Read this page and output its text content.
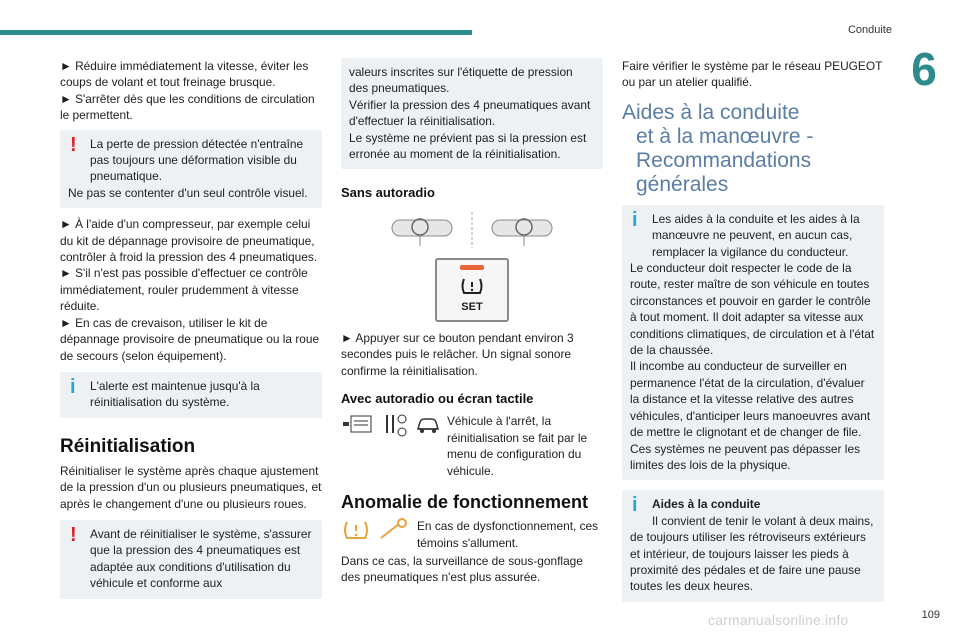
Conduite
6

► Réduire immédiatement la vitesse, éviter les coups de volant et tout freinage brusque.

► S'arrêter dès que les conditions de circulation le permettent.

!	La perte de pression détectée n'entraîne pas toujours une déformation visible du pneumatique.
Ne pas se contenter d'un seul contrôle visuel.

► À l'aide d'un compresseur, par exemple celui du kit de dépannage provisoire de pneumatique, contrôler à froid la pression des 4 pneumatiques.

► S'il n'est pas possible d'effectuer ce contrôle immédiatement, rouler prudemment à vitesse réduite.

► En cas de crevaison, utiliser le kit de dépannage provisoire de pneumatique ou la roue de secours (selon équipement).

i	L'alerte est maintenue jusqu'à la réinitialisation du système.
Réinitialisation

Réinitialiser le système après chaque ajustement de la pression d'un ou plusieurs pneumatiques, et après le changement d'une ou plusieurs roues.

!	Avant de réinitialiser le système, s'assurer que la pression des 4 pneumatiques est adaptée aux conditions d'utilisation du véhicule et conforme aux
valeurs inscrites sur l'étiquette de pression des pneumatiques.
Vérifier la pression des 4 pneumatiques avant d'effectuer la réinitialisation.
Le système ne prévient pas si la pression est erronée au moment de la réinitialisation.
Sans autoradio
SET

► Appuyer sur ce bouton pendant environ 3 secondes puis le relâcher. Un signal sonore confirme la réinitialisation.

Avec autoradio ou écran tactile

Véhicule à l'arrêt, la réinitialisation se fait par le menu de configuration du véhicule.

Anomalie de fonctionnement

En cas de dysfonctionnement, ces témoins s'allument.

Dans ce cas, la surveillance de sous-gonflage des pneumatiques n'est plus assurée.

Faire vérifier le système par le réseau PEUGEOT ou par un atelier qualifié.

Aides à la conduite
et à la manœuvre -
Recommandations
générales
i	Les aides à la conduite et les aides à la manœuvre ne peuvent, en aucun cas, remplacer la vigilance du conducteur.
Le conducteur doit respecter le code de la route, rester maître de son véhicule en toutes circonstances et pouvoir en garder le contrôle à tout moment. Il doit adapter sa vitesse aux conditions climatiques, de circulation et à l'état de la chaussée.
Il incombe au conducteur de surveiller en permanence l'état de la circulation, d'évaluer la distance et la vitesse relative des autres véhicules, d'anticiper leurs manoeuvres avant de mettre le clignotant et de changer de file.
Ces systèmes ne peuvent pas dépasser les limites des lois de la physique.
i	Aides à la conduite
Il convient de tenir le volant à deux mains, de toujours utiliser les rétroviseurs extérieurs et intérieur, de toujours laisser les pieds à proximité des pédales et de faire une pause toutes les deux heures.
carmanualsonline.info	109
